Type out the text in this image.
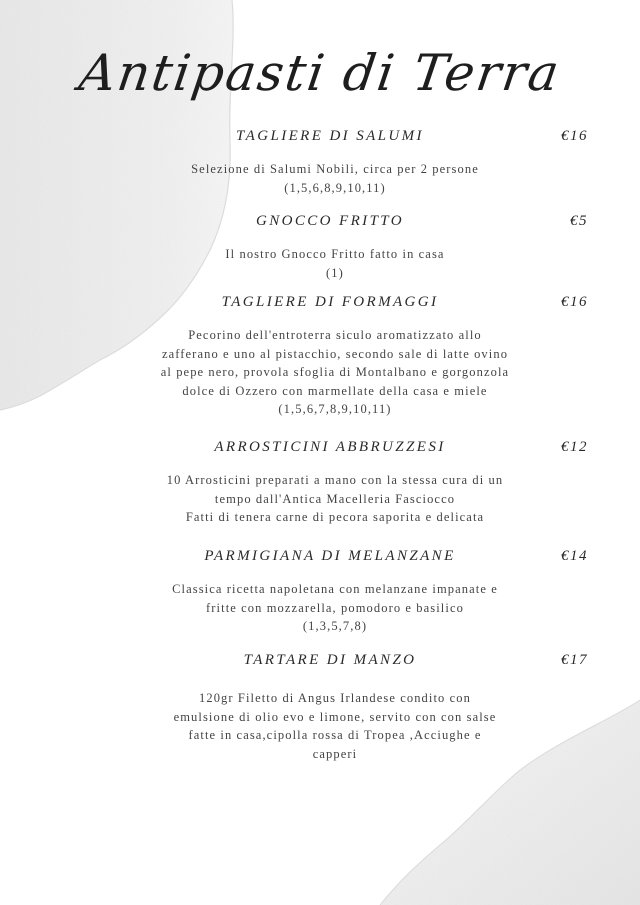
Antipasti di Terra
TAGLIERE DI SALUMI	€16
Selezione di Salumi Nobili, circa per 2 persone
(1,5,6,8,9,10,11)
GNOCCO FRITTO	€5
Il nostro Gnocco Fritto fatto in casa
(1)
TAGLIERE DI FORMAGGI	€16
Pecorino dell'entroterra siculo aromatizzato allo
zafferano e uno al pistacchio, secondo sale di latte ovino
al pepe nero, provola sfoglia di Montalbano e gorgonzola
dolce di Ozzero con marmellate della casa e miele
(1,5,6,7,8,9,10,11)
ARROSTICINI ABBRUZZESI	€12
10 Arrosticini preparati a mano con la stessa cura di un
tempo dall'Antica Macelleria Fasciocco
Fatti di tenera carne di pecora saporita e delicata
PARMIGIANA DI MELANZANE	€14
Classica ricetta napoletana con melanzane impanate e
fritte con mozzarella, pomodoro e basilico
(1,3,5,7,8)
TARTARE DI MANZO	€17
120gr Filetto di Angus Irlandese condito con
emulsione di olio evo e limone, servito con con salse
fatte in casa,cipolla rossa di Tropea ,Acciughe e
capperi
